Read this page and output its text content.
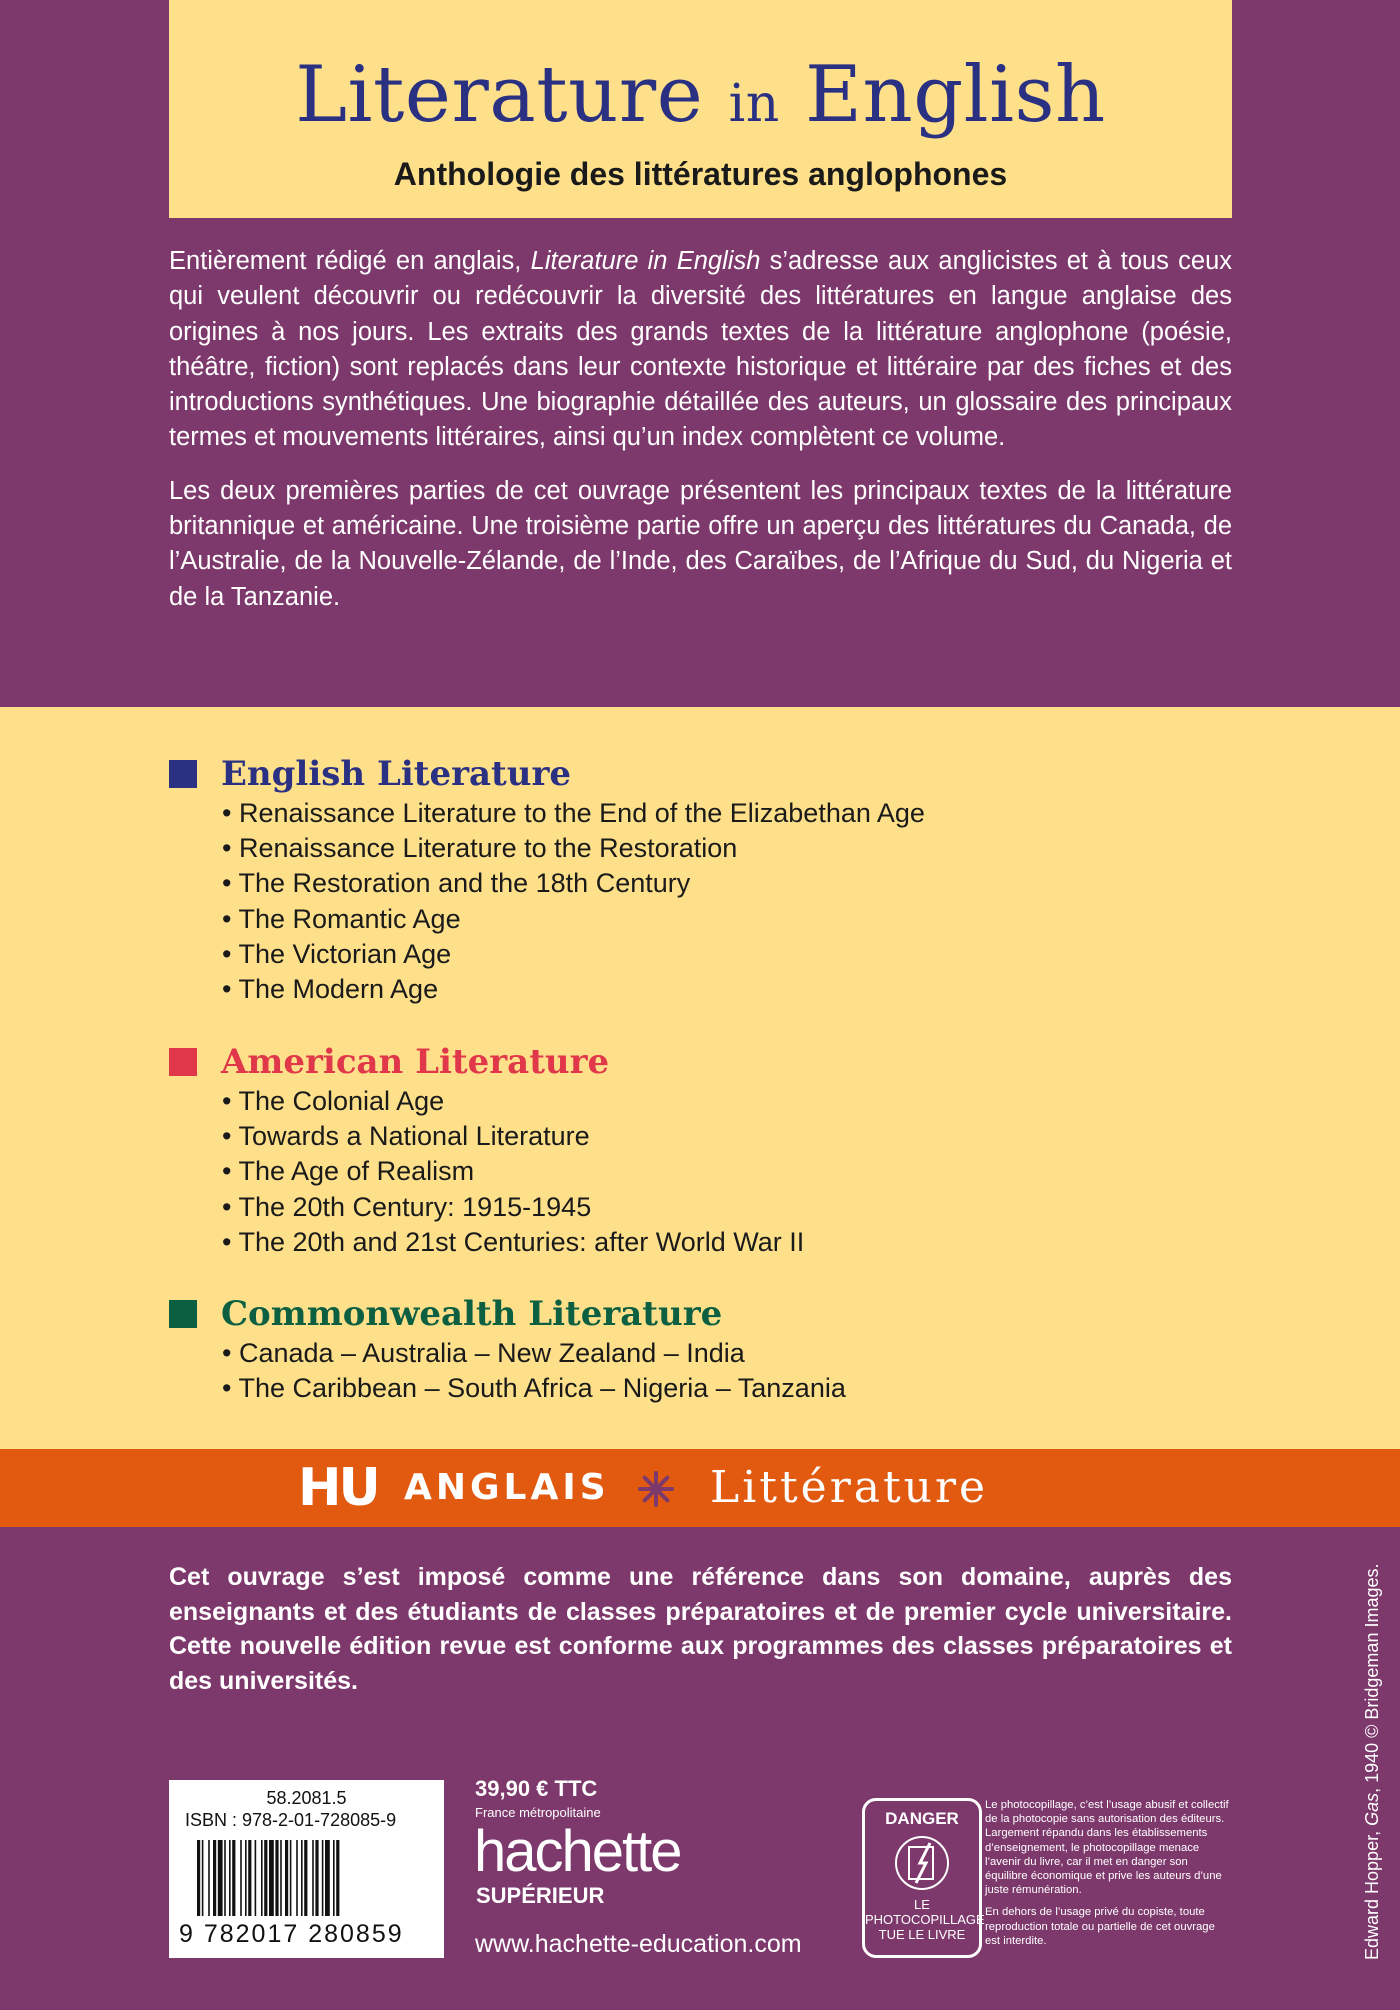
Literature in English
Anthologie des littératures anglophones

Entièrement rédigé en anglais, Literature in English s’adresse aux anglicistes et à tous ceux qui veulent découvrir ou redécouvrir la diversité des littératures en langue anglaise des origines à nos jours. Les extraits des grands textes de la littérature anglophone (poésie, théâtre, fiction) sont replacés dans leur contexte historique et littéraire par des fiches et des introductions synthétiques. Une biographie détaillée des auteurs, un glossaire des principaux termes et mouvements littéraires, ainsi qu’un index complètent ce volume.

Les deux premières parties de cet ouvrage présentent les principaux textes de la littérature britannique et américaine. Une troisième partie offre un aperçu des littératures du Canada, de l’Australie, de la Nouvelle-Zélande, de l’Inde, des Caraïbes, de l’Afrique du Sud, du Nigeria et de la Tanzanie.

English Literature
• Renaissance Literature to the End of the Elizabethan Age
• Renaissance Literature to the Restoration
• The Restoration and the 18th Century
• The Romantic Age
• The Victorian Age
• The Modern Age
American Literature
• The Colonial Age
• Towards a National Literature
• The Age of Realism
• The 20th Century: 1915-1945
• The 20th and 21st Centuries: after World War II
Commonwealth Literature
• Canada – Australia – New Zealand – India
• The Caribbean – South Africa – Nigeria – Tanzania
HU ANGLAIS Littérature
Cet ouvrage s’est imposé comme une référence dans son domaine, auprès des enseignants et des étudiants de classes préparatoires et de premier cycle universitaire. Cette nouvelle édition revue est conforme aux programmes des classes préparatoires et des universités.
58.2081.5
ISBN : 978-2-01-728085-9
9 782017 280859
39,90 € TTC
France métropolitaine
hachette
SUPÉRIEUR
www.hachette-education.com
DANGER
LE
PHOTOCOPILLAGE
TUE LE LIVRE

Le photocopillage, c’est l’usage abusif et collectif de la photocopie sans autorisation des éditeurs. Largement répandu dans les établissements d’enseignement, le photocopillage menace l’avenir du livre, car il met en danger son équilibre économique et prive les auteurs d’une juste rémunération.

En dehors de l’usage privé du copiste, toute reproduction totale ou partielle de cet ouvrage est interdite.	Edward Hopper, Gas, 1940 © Bridgeman Images.
